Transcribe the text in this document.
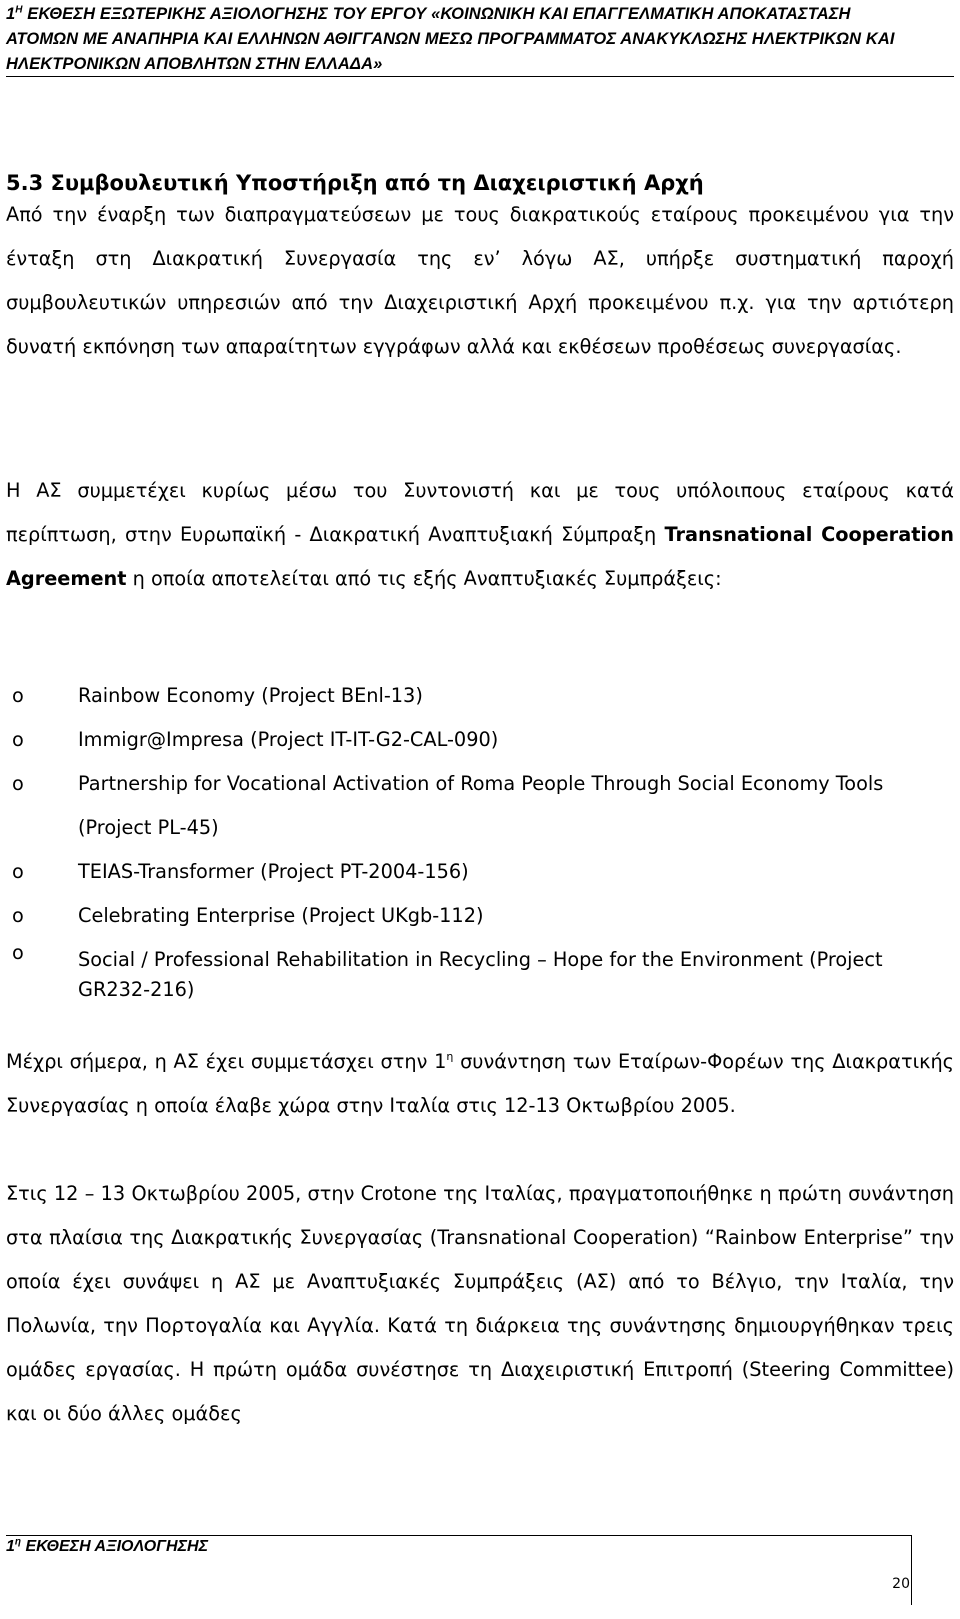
$1^H$ ΕΚΘΕΣΗ ΕΞΩΤΕΡΙΚΗΣ ΑΞΙΟΛΟΓΗΣΗΣ ΤΟΥ ΕΡΓΟΥ «ΚΟΙΝΩΝΙΚΗ ΚΑΙ ΕΠΑΓΓΕΛΜΑΤΙΚΗ ΑΠΟΚΑΤΑΣΤΑΣΗ
ΑΤΟΜΩΝ ΜΕ ΑΝΑΠΗΡΙΑ ΚΑΙ ΕΛΛΗΝΩΝ ΑΘΙΓΓΑΝΩΝ ΜΕΣΩ ΠΡΟΓΡΑΜΜΑΤΟΣ ΑΝΑΚΥΚΛΩΣΗΣ ΗΛΕΚΤΡΙΚΩΝ ΚΑΙ
ΗΛΕΚΤΡΟΝΙΚΩΝ ΑΠΟΒΛΗΤΩΝ ΣΤΗΝ ΕΛΛΑΔΑ»
5.3 Συμβουλευτική Υποστήριξη από τη Διαχειριστική Αρχή
Από την έναρξη των διαπραγματεύσεων με τους διακρατικούς εταίρους προκειμένου για την ένταξη στη Διακρατική Συνεργασία της εν’ λόγω ΑΣ, υπήρξε συστηματική παροχή συμβουλευτικών υπηρεσιών από την Διαχειριστική Αρχή προκειμένου π.χ. για την αρτιότερη δυνατή εκπόνηση των απαραίτητων εγγράφων αλλά και εκθέσεων προθέσεως συνεργασίας.
Η ΑΣ συμμετέχει κυρίως μέσω του Συντονιστή και με τους υπόλοιπους εταίρους κατά περίπτωση, στην Ευρωπαϊκή - Διακρατική Αναπτυξιακή Σύμπραξη Transnational Cooperation Agreement η οποία αποτελείται από τις εξής Αναπτυξιακές Συμπράξεις:
o	Rainbow Economy (Project BEnl-13)
o	Immigr@Impresa (Project IT-IT-G2-CAL-090)
o	Partnership for Vocational Activation of Roma People Through Social Economy Tools (Project PL-45)
o	TEIAS-Transformer (Project PT-2004-156)
o	Celebrating Enterprise (Project UKgb-112)
o	Social / Professional Rehabilitation in Recycling – Hope for the Environment (Project GR232-216)
Μέχρι σήμερα, η ΑΣ έχει συμμετάσχει στην $1^\eta$ συνάντηση των Εταίρων-Φορέων της Διακρατικής Συνεργασίας η οποία έλαβε χώρα στην Ιταλία στις 12-13 Οκτωβρίου 2005.
Στις 12 – 13 Οκτωβρίου 2005, στην Crotone της Ιταλίας, πραγματοποιήθηκε η πρώτη συνάντηση στα πλαίσια της Διακρατικής Συνεργασίας (Transnational Cooperation) “Rainbow Enterprise” την οποία έχει συνάψει η ΑΣ με Αναπτυξιακές Συμπράξεις (ΑΣ) από το Βέλγιο, την Ιταλία, την Πολωνία, την Πορτογαλία και Αγγλία. Κατά τη διάρκεια της συνάντησης δημιουργήθηκαν τρεις ομάδες εργασίας. Η πρώτη ομάδα συνέστησε τη Διαχειριστική Επιτροπή (Steering Committee) και οι δύο άλλες ομάδες
$1^\eta$ ΕΚΘΕΣΗ ΑΞΙΟΛΟΓΗΣΗΣ
20
